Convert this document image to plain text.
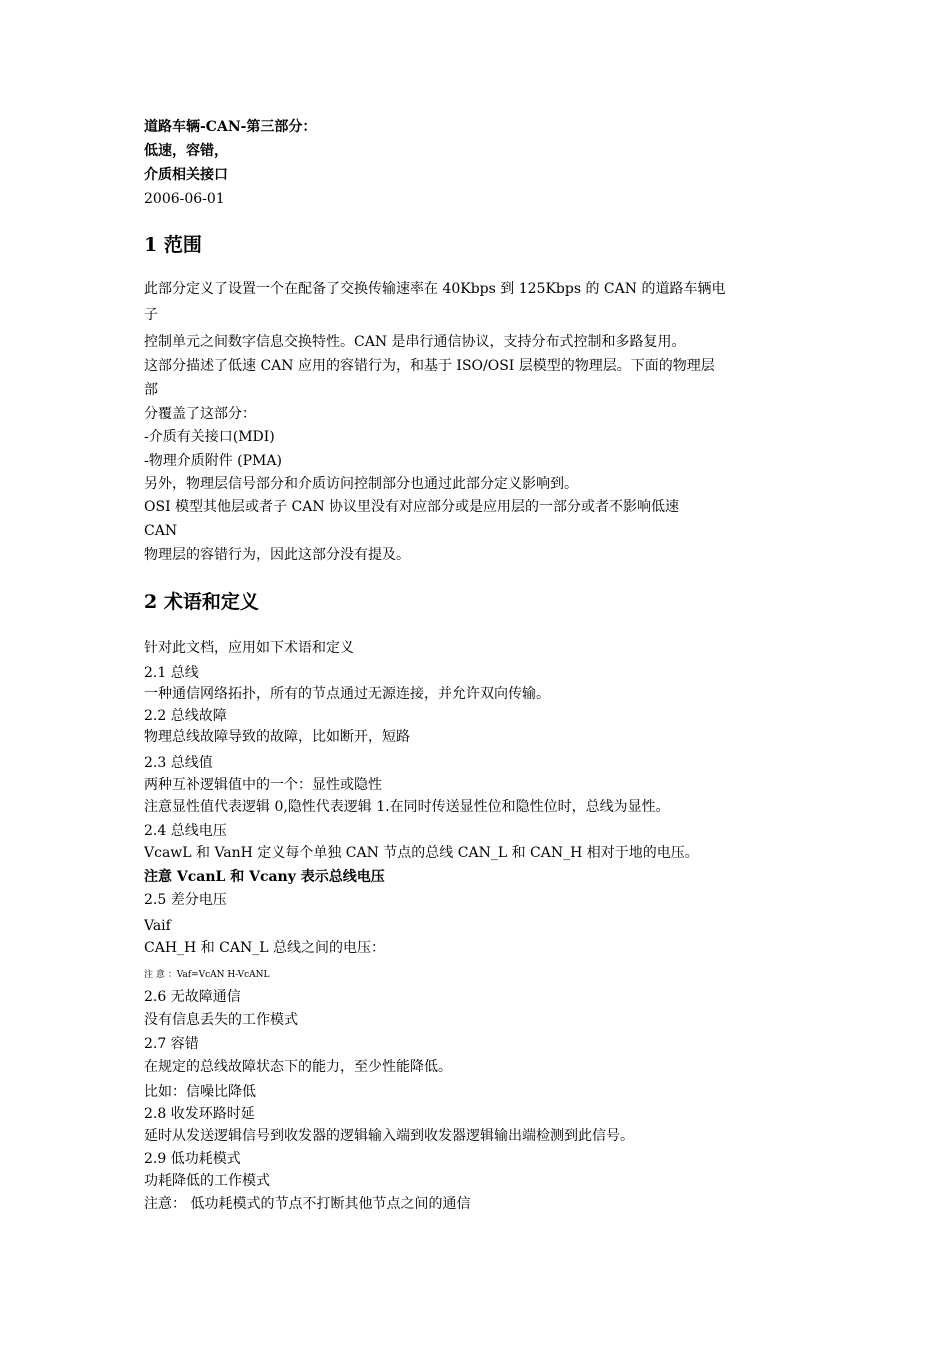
道路车辆-CAN-第三部分：
低速，容错，
介质相关接口
2006-06-01
1 范围
此部分定义了设置一个在配备了交换传输速率在 40Kbps 到 125Kbps 的 CAN 的道路车辆电
子
控制单元之间数字信息交换特性。CAN 是串行通信协议，支持分布式控制和多路复用。
这部分描述了低速 CAN 应用的容错行为，和基于 ISO/OSI 层模型的物理层。下面的物理层
部
分覆盖了这部分：
-介质有关接口(MDI)
-物理介质附件 (PMA)
另外，物理层信号部分和介质访问控制部分也通过此部分定义影响到。
OSI 模型其他层或者子 CAN 协议里没有对应部分或是应用层的一部分或者不影响低速
CAN
物理层的容错行为，因此这部分没有提及。
2 术语和定义
针对此文档，应用如下术语和定义
2.1 总线
一种通信网络拓扑，所有的节点通过无源连接，并允许双向传输。
2.2 总线故障
物理总线故障导致的故障，比如断开，短路
2.3 总线值
两种互补逻辑值中的一个：显性或隐性
注意显性值代表逻辑 0,隐性代表逻辑 1.在同时传送显性位和隐性位时，总线为显性。
2.4 总线电压
VcawL 和 VanH 定义每个单独 CAN 节点的总线 CAN_L 和 CAN_H 相对于地的电压。
注意 VcanL 和 Vcany 表示总线电压
2.5 差分电压
Vaif
CAH_H 和 CAN_L 总线之间的电压：
注 意 ：Vaf=VcAN H-VcANL
2.6 无故障通信
没有信息丢失的工作模式
2.7 容错
在规定的总线故障状态下的能力，至少性能降低。
比如：信噪比降低
2.8 收发环路时延
延时从发送逻辑信号到收发器的逻辑输入端到收发器逻辑输出端检测到此信号。
2.9 低功耗模式
功耗降低的工作模式
注意： 低功耗模式的节点不打断其他节点之间的通信
